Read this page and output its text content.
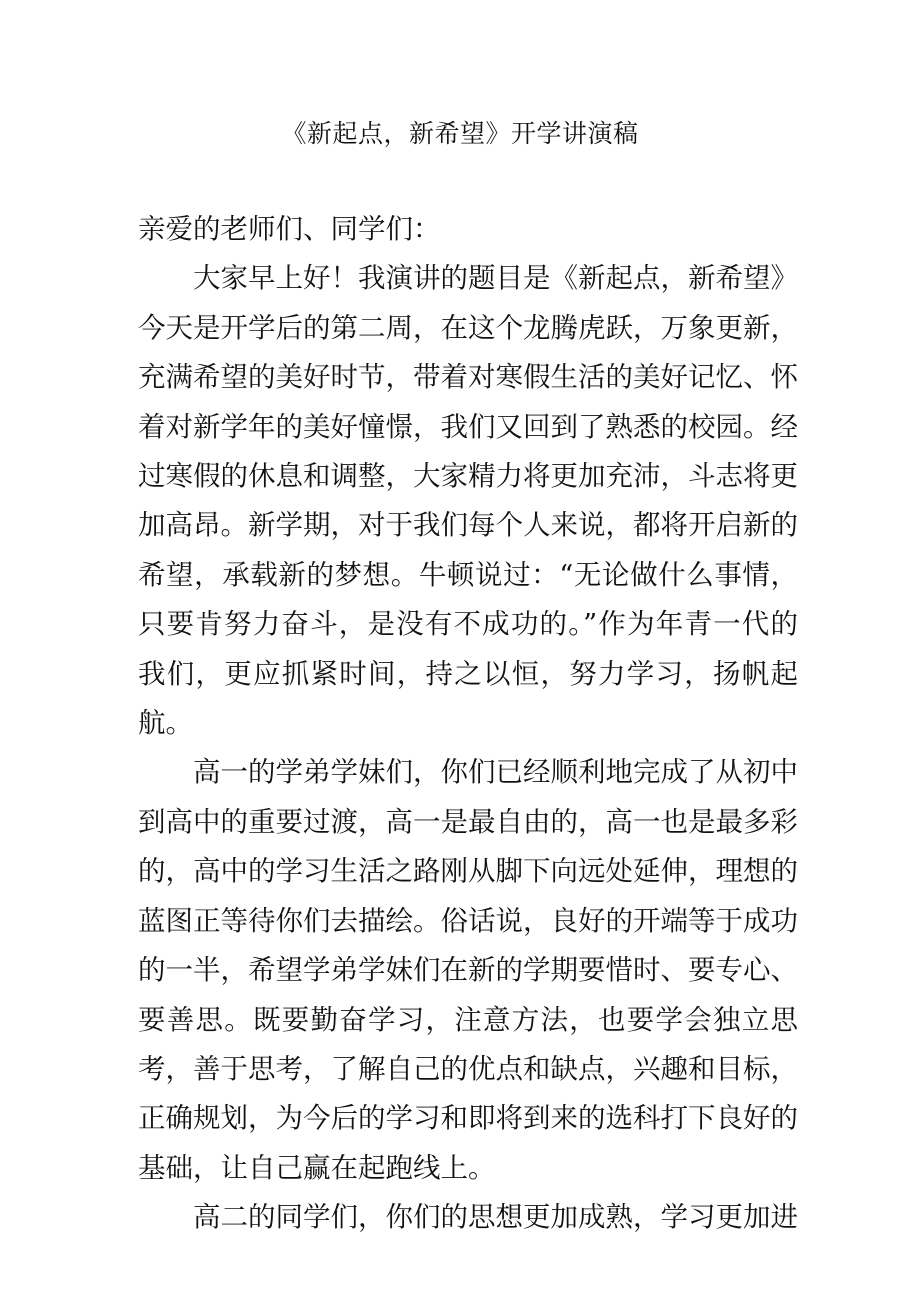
《新起点，新希望》开学讲演稿

亲爱的老师们、同学们：

大家早上好！我演讲的题目是《新起点，新希望》今天是开学后的第二周，在这个龙腾虎跃，万象更新，充满希望的美好时节，带着对寒假生活的美好记忆、怀着对新学年的美好憧憬，我们又回到了熟悉的校园。经过寒假的休息和调整，大家精力将更加充沛，斗志将更加高昂。新学期，对于我们每个人来说，都将开启新的希望，承载新的梦想。牛顿说过：“无论做什么事情，只要肯努力奋斗，是没有不成功的。”作为年青一代的我们，更应抓紧时间，持之以恒，努力学习，扬帆起航。

高一的学弟学妹们，你们已经顺利地完成了从初中到高中的重要过渡，高一是最自由的，高一也是最多彩的，高中的学习生活之路刚从脚下向远处延伸，理想的蓝图正等待你们去描绘。俗话说，良好的开端等于成功的一半，希望学弟学妹们在新的学期要惜时、要专心、要善思。既要勤奋学习，注意方法，也要学会独立思考，善于思考，了解自己的优点和缺点，兴趣和目标，正确规划，为今后的学习和即将到来的选科打下良好的基础，让自己赢在起跑线上。

高二的同学们，你们的思想更加成熟，学习更加进
